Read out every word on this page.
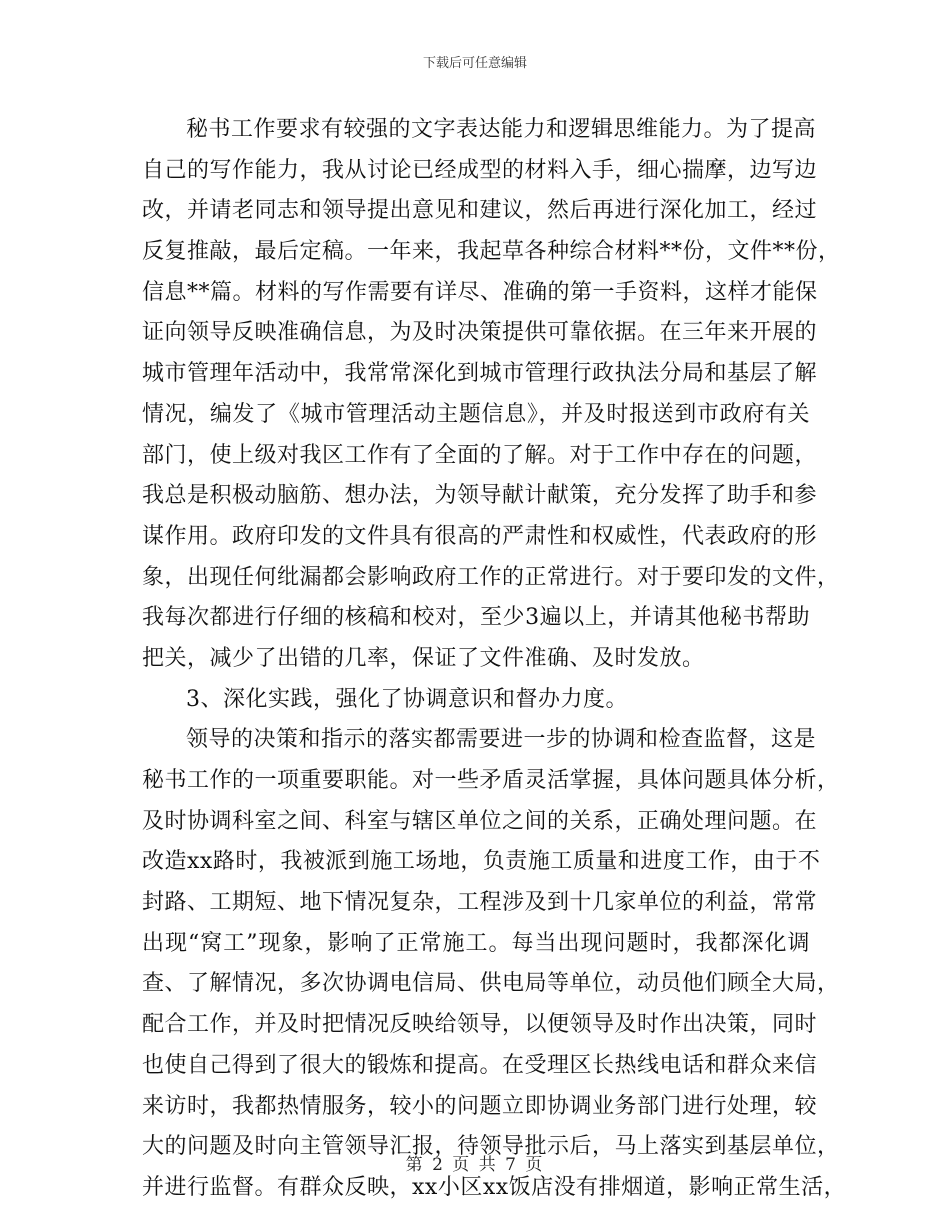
下载后可任意编辑
秘书工作要求有较强的文字表达能力和逻辑思维能力。为了提高
自己的写作能力，我从讨论已经成型的材料入手，细心揣摩，边写边
改，并请老同志和领导提出意见和建议，然后再进行深化加工，经过
反复推敲，最后定稿。一年来，我起草各种综合材料**份，文件**份，
信息**篇。材料的写作需要有详尽、准确的第一手资料，这样才能保
证向领导反映准确信息，为及时决策提供可靠依据。在三年来开展的
城市管理年活动中，我常常深化到城市管理行政执法分局和基层了解
情况，编发了《城市管理活动主题信息》，并及时报送到市政府有关
部门，使上级对我区工作有了全面的了解。对于工作中存在的问题，
我总是积极动脑筋、想办法，为领导献计献策，充分发挥了助手和参
谋作用。政府印发的文件具有很高的严肃性和权威性，代表政府的形
象，出现任何纰漏都会影响政府工作的正常进行。对于要印发的文件，
我每次都进行仔细的核稿和校对，至少3遍以上，并请其他秘书帮助
把关，减少了出错的几率，保证了文件准确、及时发放。
3、深化实践，强化了协调意识和督办力度。
领导的决策和指示的落实都需要进一步的协调和检查监督，这是
秘书工作的一项重要职能。对一些矛盾灵活掌握，具体问题具体分析，
及时协调科室之间、科室与辖区单位之间的关系，正确处理问题。在
改造xx路时，我被派到施工场地，负责施工质量和进度工作，由于不
封路、工期短、地下情况复杂，工程涉及到十几家单位的利益，常常
出现“窝工”现象，影响了正常施工。每当出现问题时，我都深化调
查、了解情况，多次协调电信局、供电局等单位，动员他们顾全大局，
配合工作，并及时把情况反映给领导，以便领导及时作出决策，同时
也使自己得到了很大的锻炼和提高。在受理区长热线电话和群众来信
来访时，我都热情服务，较小的问题立即协调业务部门进行处理，较
大的问题及时向主管领导汇报，待领导批示后，马上落实到基层单位，
并进行监督。有群众反映，xx小区xx饭店没有排烟道，影响正常生活，
第 2 页 共 7 页
